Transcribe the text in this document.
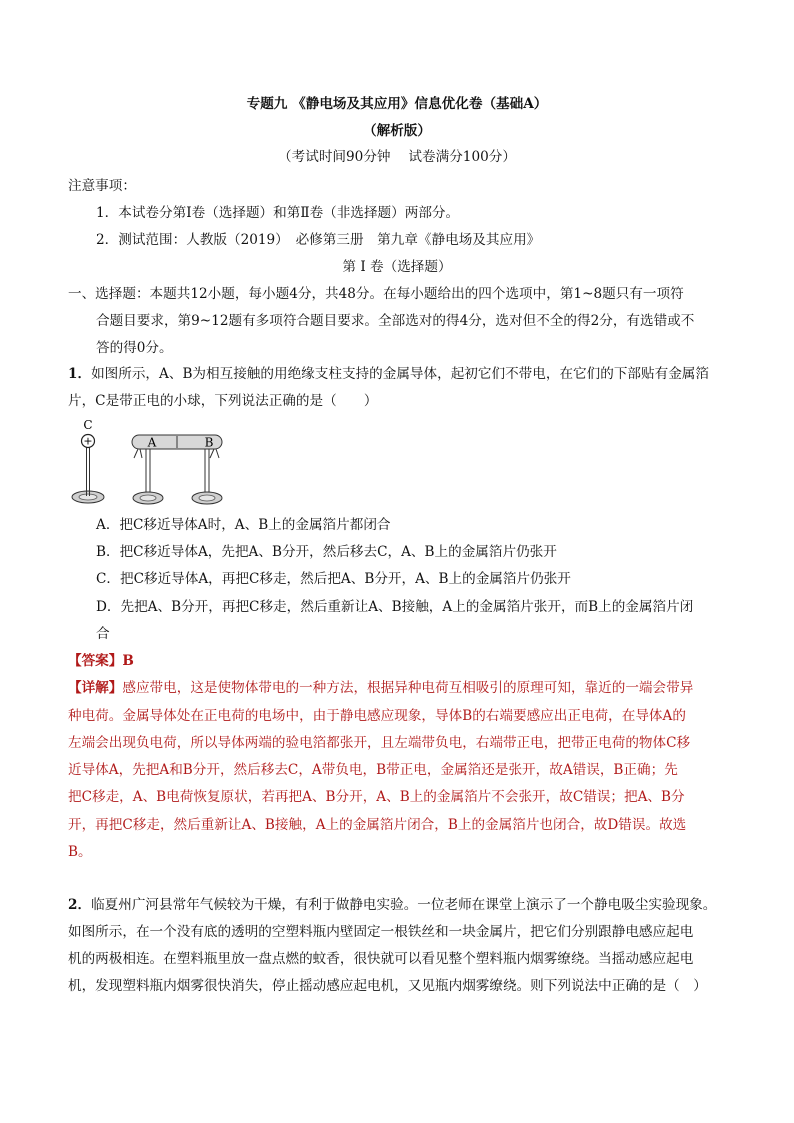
专题九 《静电场及其应用》信息优化卷（基础A）
（解析版）
（考试时间90分钟　 试卷满分100分）
注意事项：
1．本试卷分第Ⅰ卷（选择题）和第Ⅱ卷（非选择题）两部分。
2．测试范围：人教版（2019）　必修第三册　第九章《静电场及其应用》
第 Ⅰ 卷（选择题）
一、选择题：本题共12小题，每小题4分，共48分。在每小题给出的四个选项中，第1~8题只有一项符
合题目要求，第9~12题有多项符合题目要求。全部选对的得4分，选对但不全的得2分，有选错或不
答的得0分。
1．如图所示，A、B为相互接触的用绝缘支柱支持的金属导体，起初它们不带电，在它们的下部贴有金属箔
片，C是带正电的小球，下列说法正确的是（　　）
+
C
A	B
A．把C移近导体A时，A、B上的金属箔片都闭合
B．把C移近导体A，先把A、B分开，然后移去C，A、B上的金属箔片仍张开
C．把C移近导体A，再把C移走，然后把A、B分开，A、B上的金属箔片仍张开
D．先把A、B分开，再把C移走，然后重新让A、B接触，A上的金属箔片张开，而B上的金属箔片闭
合
【答案】B
【详解】感应带电，这是使物体带电的一种方法，根据异种电荷互相吸引的原理可知，靠近的一端会带异
种电荷。金属导体处在正电荷的电场中，由于静电感应现象，导体B的右端要感应出正电荷，在导体A的
左端会出现负电荷，所以导体两端的验电箔都张开，且左端带负电，右端带正电，把带正电荷的物体C移
近导体A，先把A和B分开，然后移去C，A带负电，B带正电，金属箔还是张开，故A错误，B正确；先
把C移走，A、B电荷恢复原状，若再把A、B分开，A、B上的金属箔片不会张开，故C错误；把A、B分
开，再把C移走，然后重新让A、B接触，A上的金属箔片闭合，B上的金属箔片也闭合，故D错误。故选
B。
2．临夏州广河县常年气候较为干燥，有利于做静电实验。一位老师在课堂上演示了一个静电吸尘实验现象。
如图所示，在一个没有底的透明的空塑料瓶内壁固定一根铁丝和一块金属片，把它们分别跟静电感应起电
机的两极相连。在塑料瓶里放一盘点燃的蚊香，很快就可以看见整个塑料瓶内烟雾缭绕。当摇动感应起电
机，发现塑料瓶内烟雾很快消失，停止摇动感应起电机，又见瓶内烟雾缭绕。则下列说法中正确的是（　）
